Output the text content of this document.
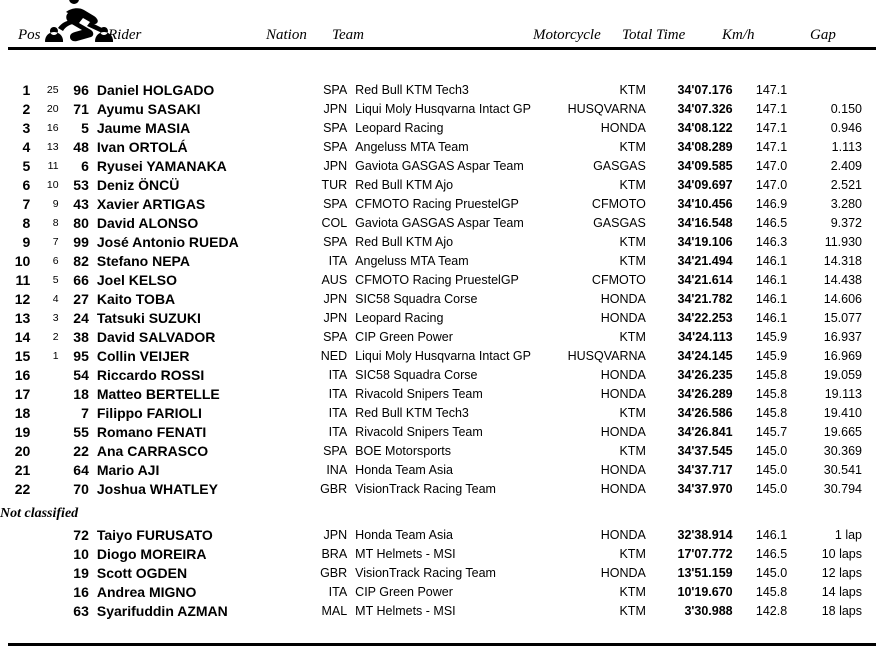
Pos	Rider	Nation Team	Motorcycle Total Time Km/h	Gap

1	25	96	Daniel HOLGADO	SPA	Red Bull KTM Tech3	KTM	34'07.176	147.1	
2	20	71	Ayumu SASAKI	JPN	Liqui Moly Husqvarna Intact GP	HUSQVARNA	34'07.326	147.1	0.150
3	16	5	Jaume MASIA	SPA	Leopard Racing	HONDA	34'08.122	147.1	0.946
4	13	48	Ivan ORTOLÁ	SPA	Angeluss MTA Team	KTM	34'08.289	147.1	1.113
5	11	6	Ryusei YAMANAKA	JPN	Gaviota GASGAS Aspar Team	GASGAS	34'09.585	147.0	2.409
6	10	53	Deniz ÖNCÜ	TUR	Red Bull KTM Ajo	KTM	34'09.697	147.0	2.521
7	9	43	Xavier ARTIGAS	SPA	CFMOTO Racing PruestelGP	CFMOTO	34'10.456	146.9	3.280
8	8	80	David ALONSO	COL	Gaviota GASGAS Aspar Team	GASGAS	34'16.548	146.5	9.372
9	7	99	José Antonio RUEDA	SPA	Red Bull KTM Ajo	KTM	34'19.106	146.3	11.930
10	6	82	Stefano NEPA	ITA	Angeluss MTA Team	KTM	34'21.494	146.1	14.318
11	5	66	Joel KELSO	AUS	CFMOTO Racing PruestelGP	CFMOTO	34'21.614	146.1	14.438
12	4	27	Kaito TOBA	JPN	SIC58 Squadra Corse	HONDA	34'21.782	146.1	14.606
13	3	24	Tatsuki SUZUKI	JPN	Leopard Racing	HONDA	34'22.253	146.1	15.077
14	2	38	David SALVADOR	SPA	CIP Green Power	KTM	34'24.113	145.9	16.937
15	1	95	Collin VEIJER	NED	Liqui Moly Husqvarna Intact GP	HUSQVARNA	34'24.145	145.9	16.969
16		54	Riccardo ROSSI	ITA	SIC58 Squadra Corse	HONDA	34'26.235	145.8	19.059
17		18	Matteo BERTELLE	ITA	Rivacold Snipers Team	HONDA	34'26.289	145.8	19.113
18		7	Filippo FARIOLI	ITA	Red Bull KTM Tech3	KTM	34'26.586	145.8	19.410
19		55	Romano FENATI	ITA	Rivacold Snipers Team	HONDA	34'26.841	145.7	19.665
20		22	Ana CARRASCO	SPA	BOE Motorsports	KTM	34'37.545	145.0	30.369
21		64	Mario AJI	INA	Honda Team Asia	HONDA	34'37.717	145.0	30.541
22		70	Joshua WHATLEY	GBR	VisionTrack Racing Team	HONDA	34'37.970	145.0	30.794
Not classified									
		72	Taiyo FURUSATO	JPN	Honda Team Asia	HONDA	32'38.914	146.1	1 lap
		10	Diogo MOREIRA	BRA	MT Helmets - MSI	KTM	17'07.772	146.5	10 laps
		19	Scott OGDEN	GBR	VisionTrack Racing Team	HONDA	13'51.159	145.0	12 laps
		16	Andrea MIGNO	ITA	CIP Green Power	KTM	10'19.670	145.8	14 laps
		63	Syarifuddin AZMAN	MAL	MT Helmets - MSI	KTM	3'30.988	142.8	18 laps
